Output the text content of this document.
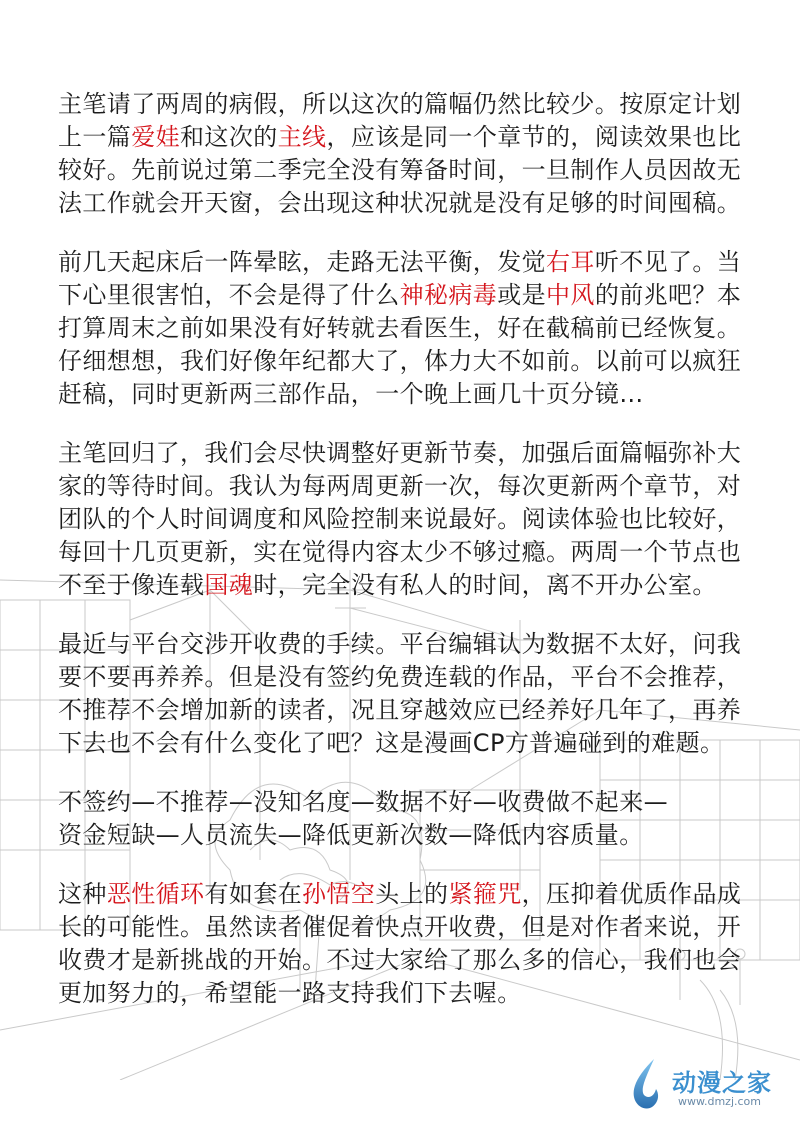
主笔请了两周的病假，所以这次的篇幅仍然比较少。按原定计划
上一篇爱娃和这次的主线，应该是同一个章节的，阅读效果也比
较好。先前说过第二季完全没有筹备时间，一旦制作人员因故无
法工作就会开天窗，会出现这种状况就是没有足够的时间囤稿。

前几天起床后一阵晕眩，走路无法平衡，发觉右耳听不见了。当
下心里很害怕，不会是得了什么神秘病毒或是中风的前兆吧？本
打算周末之前如果没有好转就去看医生，好在截稿前已经恢复。
仔细想想，我们好像年纪都大了，体力大不如前。以前可以疯狂
赶稿，同时更新两三部作品，一个晚上画几十页分镜…

主笔回归了，我们会尽快调整好更新节奏，加强后面篇幅弥补大
家的等待时间。我认为每两周更新一次，每次更新两个章节，对
团队的个人时间调度和风险控制来说最好。阅读体验也比较好，
每回十几页更新，实在觉得内容太少不够过瘾。两周一个节点也
不至于像连载国魂时，完全没有私人的时间，离不开办公室。

最近与平台交涉开收费的手续。平台编辑认为数据不太好，问我
要不要再养养。但是没有签约免费连载的作品，平台不会推荐，
不推荐不会增加新的读者，况且穿越效应已经养好几年了，再养
下去也不会有什么变化了吧？这是漫画CP方普遍碰到的难题。

不签约—不推荐—没知名度—数据不好—收费做不起来—
资金短缺—人员流失—降低更新次数—降低内容质量。

这种恶性循环有如套在孙悟空头上的紧箍咒，压抑着优质作品成
长的可能性。虽然读者催促着快点开收费，但是对作者来说，开
收费才是新挑战的开始。不过大家给了那么多的信心，我们也会
更加努力的，希望能一路支持我们下去喔。

动漫之家
www.dmzj.com
